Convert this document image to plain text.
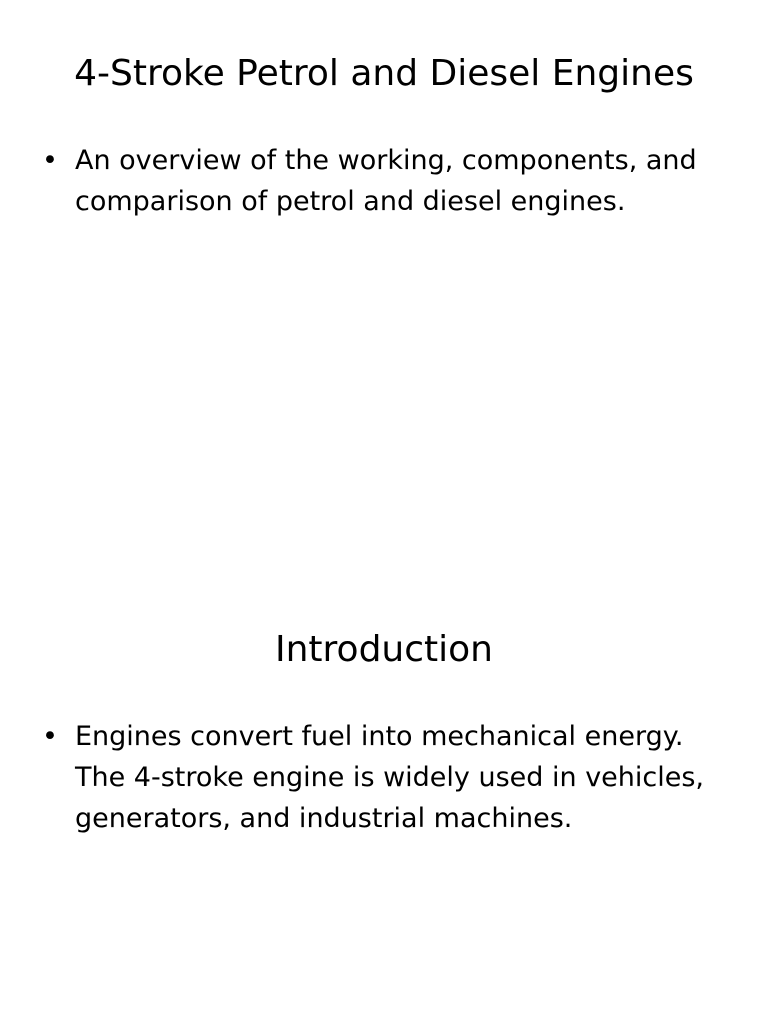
4-Stroke Petrol and Diesel Engines
• An overview of the working, components, and comparison of petrol and diesel engines.
Introduction
• Engines convert fuel into mechanical energy. The 4-stroke engine is widely used in vehicles, generators, and industrial machines.
